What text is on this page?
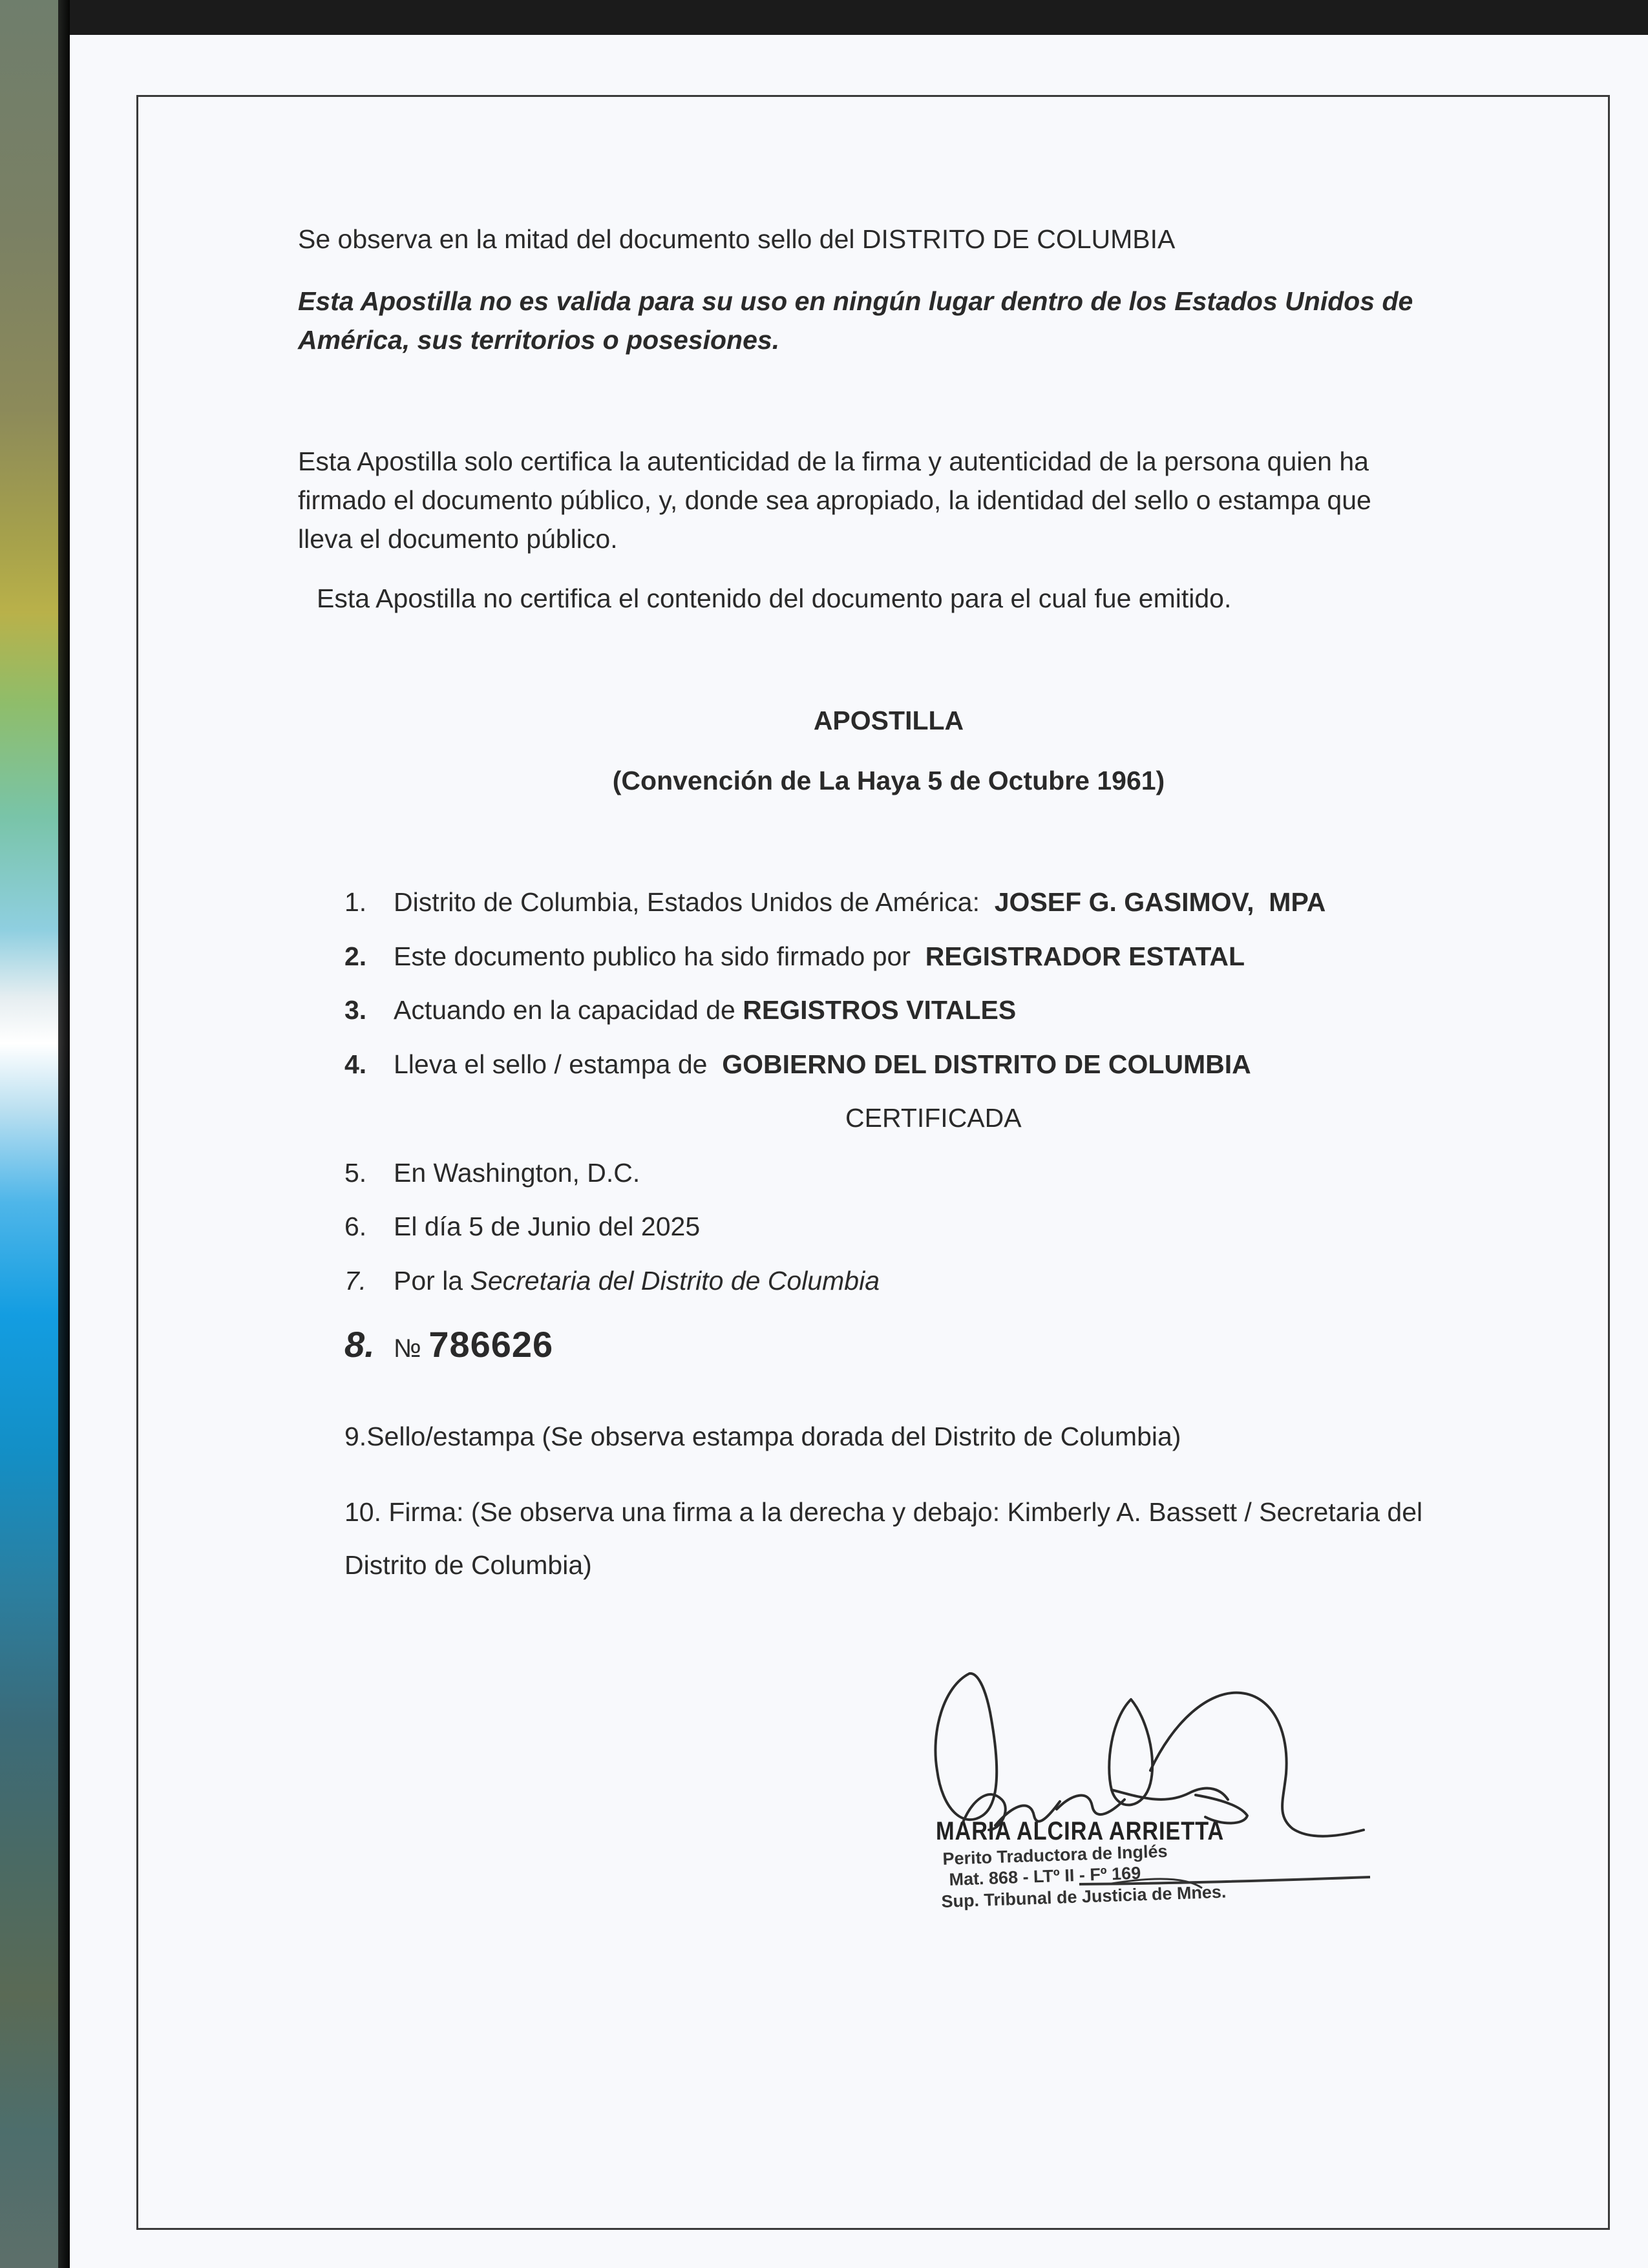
Se observa en la mitad del documento sello del DISTRITO DE COLUMBIA
Esta Apostilla no es valida para su uso en ningún lugar dentro de los Estados Unidos de
América, sus territorios o posesiones.
Esta Apostilla solo certifica la autenticidad de la firma y autenticidad de la persona quien ha
firmado el documento público, y, donde sea apropiado, la identidad del sello o estampa que
lleva el documento público.
Esta Apostilla no certifica el contenido del documento para el cual fue emitido.
APOSTILLA
(Convención de La Haya 5 de Octubre 1961)
1. Distrito de Columbia, Estados Unidos de América:  JOSEF G. GASIMOV,  MPA
2. Este documento publico ha sido firmado por  REGISTRADOR ESTATAL
3. Actuando en la capacidad de REGISTROS VITALES
4. Lleva el sello / estampa de  GOBIERNO DEL DISTRITO DE COLUMBIA
CERTIFICADA
5. En Washington, D.C.
6. El día 5 de Junio del 2025
7. Por la Secretaria del Distrito de Columbia
8. № 786626
9.Sello/estampa (Se observa estampa dorada del Distrito de Columbia)
10. Firma: (Se observa una firma a la derecha y debajo: Kimberly A. Bassett / Secretaria del
Distrito de Columbia)
MARIA ALCIRA ARRIETTA
Perito Traductora de Inglés
Mat. 868 - LTº II - Fº 169
Sup. Tribunal de Justicia de Mnes.
